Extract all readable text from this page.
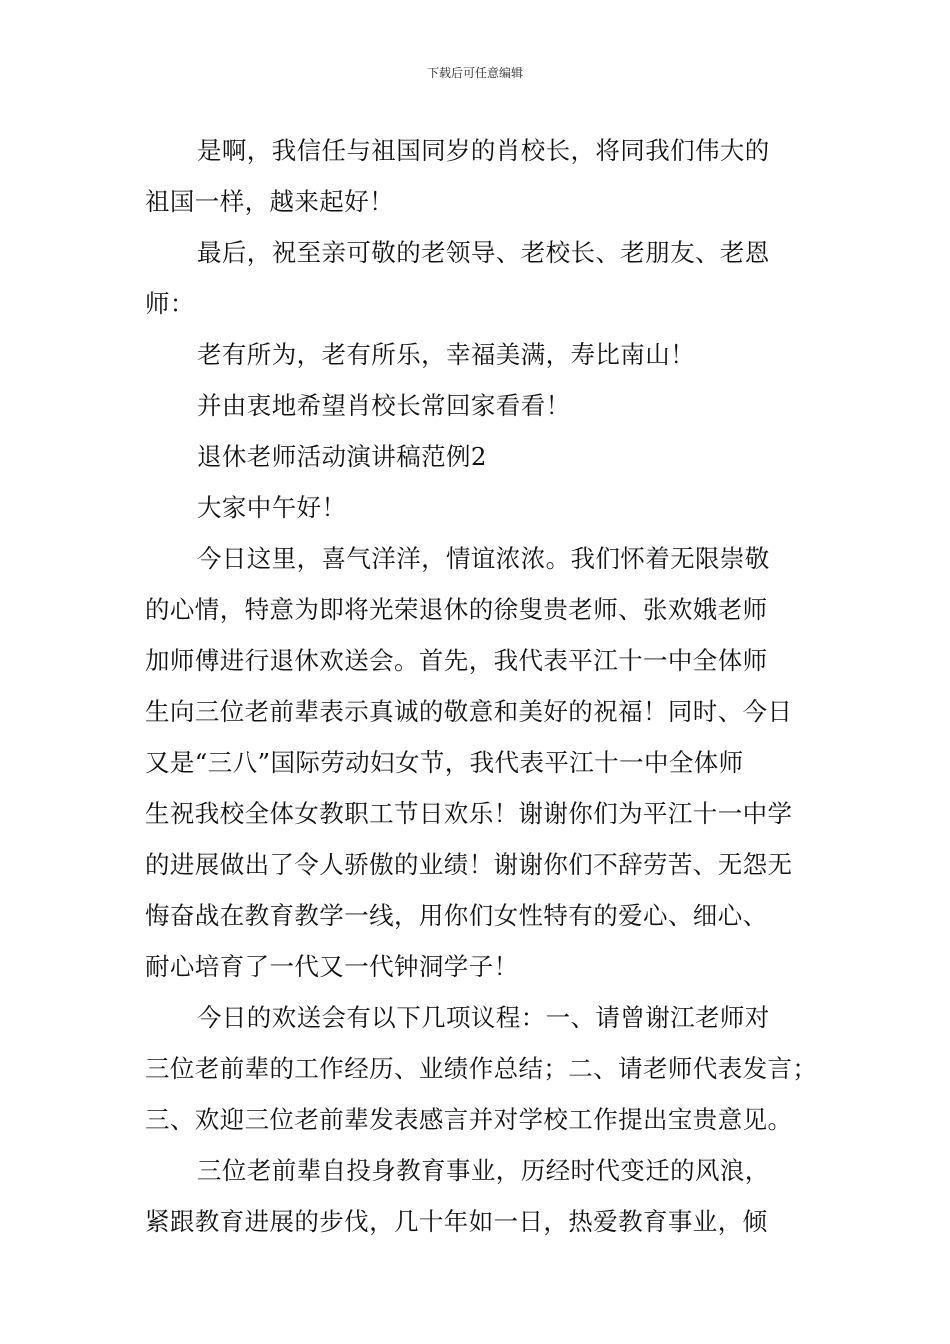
下载后可任意编辑
是啊，我信任与祖国同岁的肖校长，将同我们伟大的
祖国一样，越来起好！
最后，祝至亲可敬的老领导、老校长、老朋友、老恩
师：
老有所为，老有所乐，幸福美满，寿比南山！
并由衷地希望肖校长常回家看看！
退休老师活动演讲稿范例2
大家中午好！
今日这里，喜气洋洋，情谊浓浓。我们怀着无限崇敬
的心情，特意为即将光荣退休的徐叟贵老师、张欢娥老师
加师傅进行退休欢送会。首先，我代表平江十一中全体师
生向三位老前辈表示真诚的敬意和美好的祝福！同时、今日
又是“三八”国际劳动妇女节，我代表平江十一中全体师
生祝我校全体女教职工节日欢乐！谢谢你们为平江十一中学
的进展做出了令人骄傲的业绩！谢谢你们不辞劳苦、无怨无
悔奋战在教育教学一线，用你们女性特有的爱心、细心、
耐心培育了一代又一代钟洞学子！
今日的欢送会有以下几项议程：一、请曾谢江老师对
三位老前辈的工作经历、业绩作总结；二、请老师代表发言；
三、欢迎三位老前辈发表感言并对学校工作提出宝贵意见。
三位老前辈自投身教育事业，历经时代变迁的风浪，
紧跟教育进展的步伐，几十年如一日，热爱教育事业，倾
